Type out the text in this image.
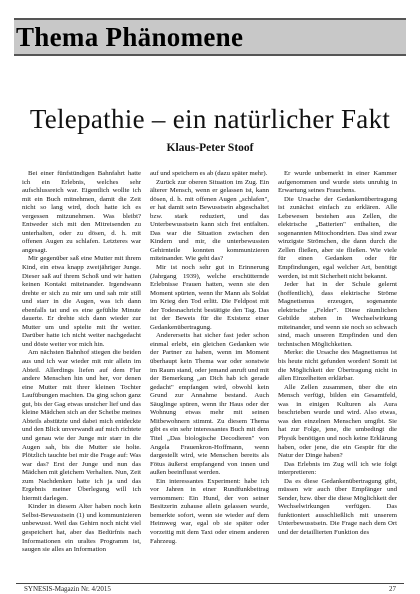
Thema Phänomene
Telepathie – ein natürlicher Fakt
Klaus-Peter Stoof

Bei einer fünfstündigen Bahnfahrt hatte ich ein Erlebnis, welches sehr aufschlussreich war. Eigentlich wollte ich mit ein Buch mitnehmen, damit die Zeit nicht so lang wird, doch hatte ich es vergessen mitzunehmen. Was bleibt? Entweder sich mit den Mitreisenden zu unterhalten, oder zu dösen, d. h. mit offenen Augen zu schlafen. Letzteres war angesagt.

Mir gegenüber saß eine Mutter mit ihrem Kind, ein etwa knapp zweijähriger Junge. Dieser saß auf ihrem Schoß und wir hatten keinen Kontakt miteinander. Irgendwann drehte er sich zu mir um und sah mir still und starr in die Augen, was ich dann ebenfalls tat und es eine gefühlte Minute dauerte. Er drehte sich dann wieder zur Mutter um und spielte mit ihr weiter. Darüber hatte ich nicht weiter nachgedacht und döste weiter vor mich hin.

Am nächsten Bahnhof stiegen die beiden aus und ich war wieder mit mir allein im Abteil. Allerdings liefen auf dem Flur andere Menschen hin und her, vor denen eine Mutter mit ihrer kleinen Tochter Laufübungen machten. Da ging schon ganz gut, bis der Gag etwas unsicher lief und das kleine Mädchen sich an der Scheibe meines Abteils abstützte und dabei mich entdeckte und den Blick unverwandt auf mich richtete und genau wie der Junge mir starr in die Augen sah, bis die Mutter sie holte. Plötzlich tauchte bei mir die Frage auf: Was war das? Erst der Junge und nun das Mädchen mit gleichem Verhalten. Nun, Zeit zum Nachdenken hatte ich ja und das Ergebnis meiner Überlegung will ich hiermit darlegen.

Kinder in diesem Alter haben noch kein Selbst-Bewusstsein (1) und kommunizieren unbewusst. Weil das Gehirn noch nicht viel gespeichert hat, aber das Bedürfnis nach Informationen ein uraltes Programm ist, saugen sie alles an Information

auf und speichern es ab (dazu später mehr).

Zurück zur oberen Situation im Zug. Ein älterer Mensch, wenn er gelassen ist, kann dösen, d. h. mit offenen Augen „schlafen", er hat damit sein Bewusstsein abgeschaltet bzw. stark reduziert, und das Unterbewusstsein kann sich frei entfalten. Das war die Situation zwischen den Kindern und mir, die unterbewussten Gehirnteile konnten kommunizieren miteinander. Wie geht das?

Mir ist noch sehr gut in Erinnerung (Jahrgang 1939), welche erschütternde Erlebnisse Frauen hatten, wenn sie den Moment spürten, wenn ihr Mann als Soldat im Krieg den Tod erlitt. Die Feldpost mit der Todesnachricht bestätigte den Tag. Das ist der Beweis für die Existenz einer Gedankenübertragung.

Andererseits hat sicher fast jeder schon einmal erlebt, ein gleichen Gedanken wie der Partner zu haben, wenn im Moment überhaupt kein Thema war oder sonstwie im Raum stand, oder jemand anruft und mit der Bemerkung „an Dich hab ich gerade gedacht" empfangen wird, obwohl kein Grund zur Annahme bestand. Auch Säuglinge spüren, wenn ihr Haus oder der Wohnung etwas mehr mit seinen Mitbewohnern stimmt. Zu diesem Thema gibt es ein sehr interessantes Buch mit dem Titel „Das biologische Decodieren" von Angela Frauenkron-Hoffmann, wenn dargestellt wird, wie Menschen bereits als Fötus äußerst empfangend von innen und außen beeinflusst werden.

Ein interessantes Experiment: habe ich vor Jahren in einer Rundfunkbeitrag vernommen: Ein Hund, der von seiner Besitzerin zuhause allein gelassen wurde, bemerkte sofort, wenn sie wieder auf dem Heimweg war, egal ob sie später oder vorzeitig mit dem Taxi oder einem anderen Fahrzeug.

Er wurde unbemerkt in einer Kammer aufgenommen und wurde stets unruhig in Erwartung seines Frauchens.

Die Ursache der Gedankenübertragung ist zunächst einfach zu erklären. Alle Lebewesen bestehen aus Zellen, die elektrische „Batterien" enthalten, die sogenannten Mitochondrien. Das sind zwar winzigste Strömchen, die dann durch die Zellen fließen, aber sie fließen. Wie viele für einen Gedanken oder für Empfindungen, egal welcher Art, benötigt werden, ist mit Sicherheit nicht bekannt.

Jeder hat in der Schule gelernt (hoffentlich), dass elektrische Ströme Magnetismus erzeugen, sogenannte elektrische „Felder". Diese räumlichen Gebilde stehen in Wechselwirkung miteinander, und wenn sie noch so schwach sind, mach unseren Empfinden und den technischen Möglichkeiten.

Merke: die Ursache des Magnetismus ist bis heute nicht gefunden worden! Somit ist die Möglichkeit der Übertragung nicht in allen Einzelheiten erklärbar.

Alle Zellen zusammen, über die ein Mensch verfügt, bilden ein Gesamtfeld, was in einigen Kulturen als Aura beschrieben wurde und wird. Also etwas, was den einzelnen Menschen umgibt. Sie hat zur Folge, jene, die umbedingt die Physik benötigen und noch keine Erklärung haben, oder jene, die ein Gespür für die Natur der Dinge haben?

Das Erlebnis im Zug will ich wie folgt interpretieren:

Da es diese Gedankenübertragung gibt, müssen wir auch über Empfänger und Sender, bzw. über die diese Möglichkeit der Wechselwirkungen verfügen. Das funktioniert ausschließlich mit unserem Unterbewusstsein. Die Frage nach dem Ort und der detaillierten Funktion des

SYNESIS-Magazin Nr. 4/2015	27
